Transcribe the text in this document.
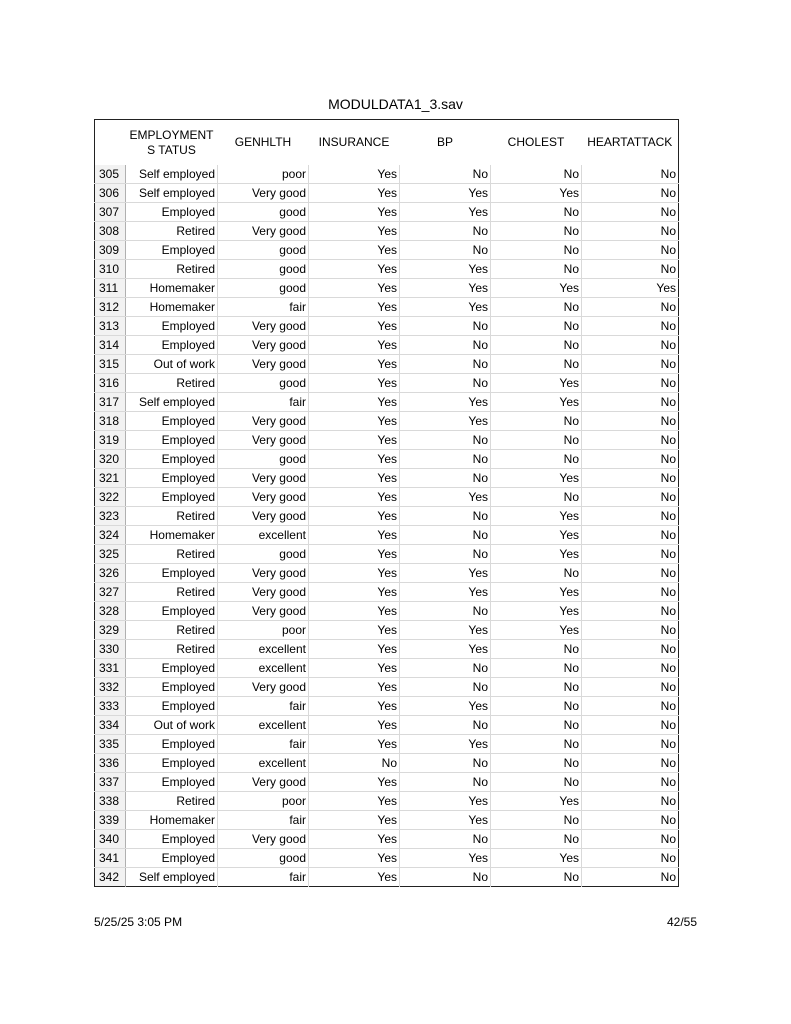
MODULDATA1_3.sav
	EMPLOYMENTS TATUS	GENHLTH	INSURANCE	BP	CHOLEST	HEARTATTACK
305	Self employed	poor	Yes	No	No	No
306	Self employed	Very good	Yes	Yes	Yes	No
307	Employed	good	Yes	Yes	No	No
308	Retired	Very good	Yes	No	No	No
309	Employed	good	Yes	No	No	No
310	Retired	good	Yes	Yes	No	No
311	Homemaker	good	Yes	Yes	Yes	Yes
312	Homemaker	fair	Yes	Yes	No	No
313	Employed	Very good	Yes	No	No	No
314	Employed	Very good	Yes	No	No	No
315	Out of work	Very good	Yes	No	No	No
316	Retired	good	Yes	No	Yes	No
317	Self employed	fair	Yes	Yes	Yes	No
318	Employed	Very good	Yes	Yes	No	No
319	Employed	Very good	Yes	No	No	No
320	Employed	good	Yes	No	No	No
321	Employed	Very good	Yes	No	Yes	No
322	Employed	Very good	Yes	Yes	No	No
323	Retired	Very good	Yes	No	Yes	No
324	Homemaker	excellent	Yes	No	Yes	No
325	Retired	good	Yes	No	Yes	No
326	Employed	Very good	Yes	Yes	No	No
327	Retired	Very good	Yes	Yes	Yes	No
328	Employed	Very good	Yes	No	Yes	No
329	Retired	poor	Yes	Yes	Yes	No
330	Retired	excellent	Yes	Yes	No	No
331	Employed	excellent	Yes	No	No	No
332	Employed	Very good	Yes	No	No	No
333	Employed	fair	Yes	Yes	No	No
334	Out of work	excellent	Yes	No	No	No
335	Employed	fair	Yes	Yes	No	No
336	Employed	excellent	No	No	No	No
337	Employed	Very good	Yes	No	No	No
338	Retired	poor	Yes	Yes	Yes	No
339	Homemaker	fair	Yes	Yes	No	No
340	Employed	Very good	Yes	No	No	No
341	Employed	good	Yes	Yes	Yes	No
342	Self employed	fair	Yes	No	No	No
5/25/25 3:05 PM	42/55
